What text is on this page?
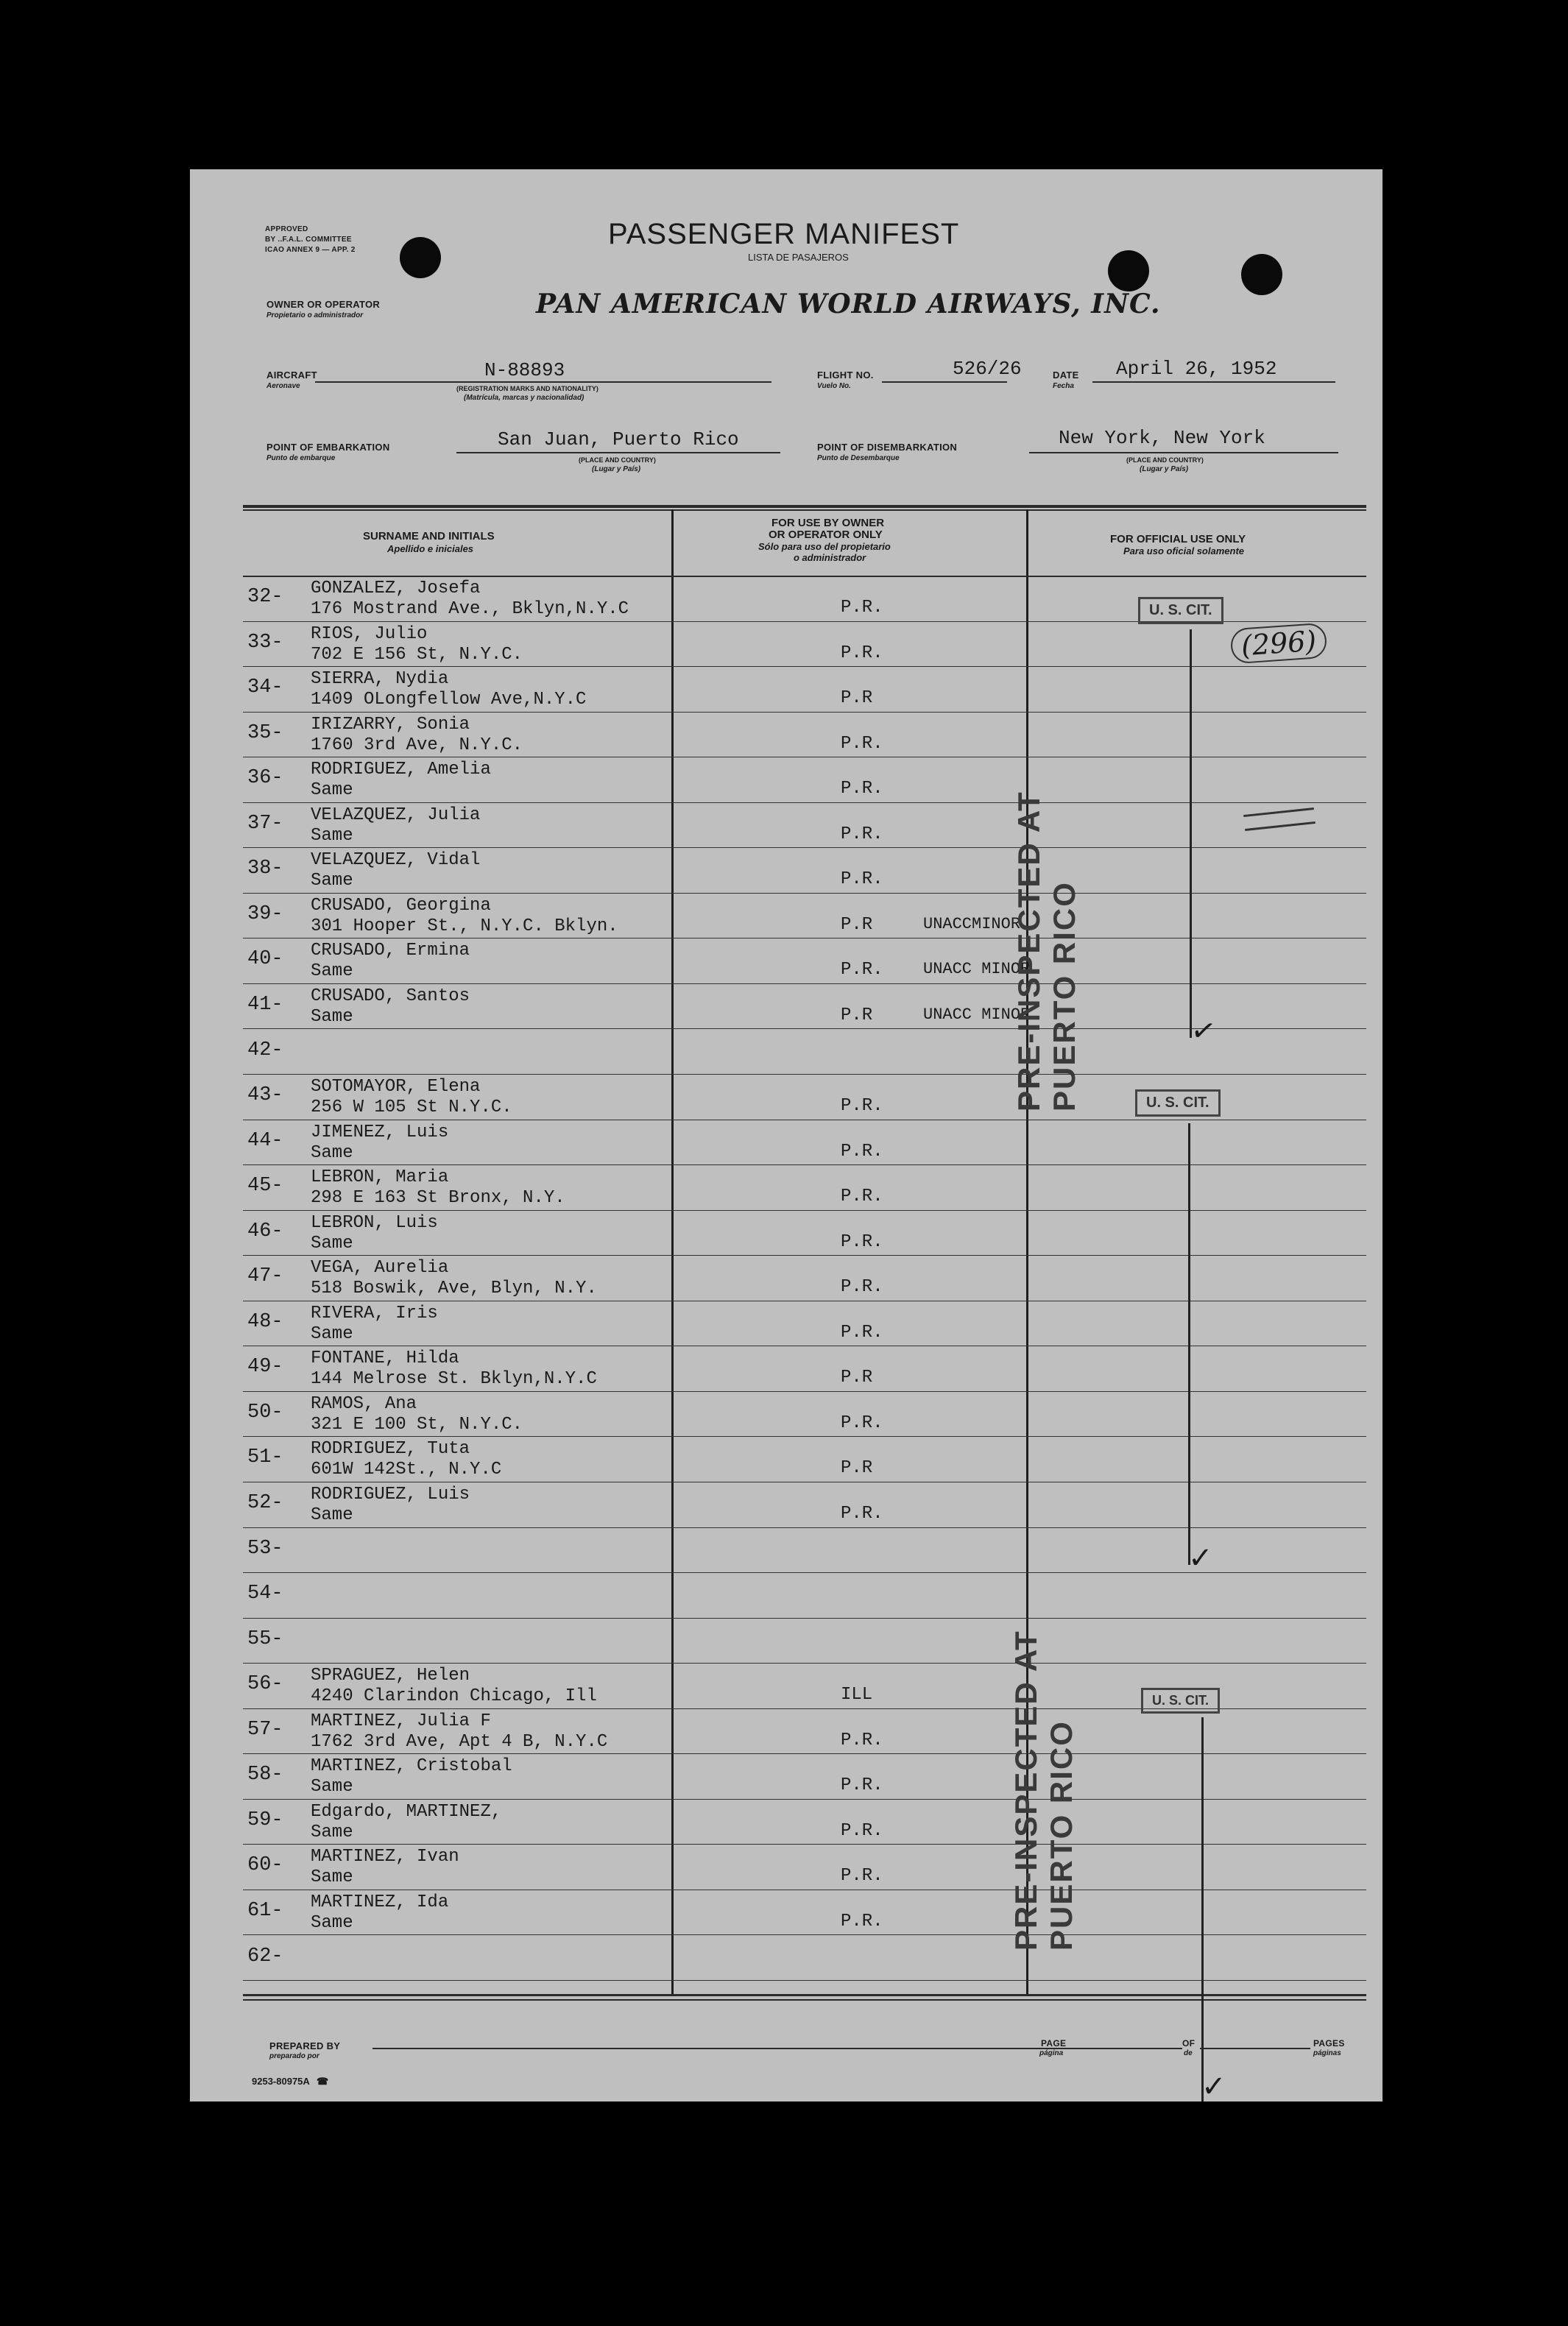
APPROVED
BY ..F.A.L. COMMITTEE
ICAO ANNEX 9 — APP. 2	PASSENGER MANIFEST
LISTA DE PASAJEROS
OWNER OR OPERATOR
Propietario o administrador	PAN AMERICAN WORLD AIRWAYS, INC.
AIRCRAFT
Aeronave
N-88893
(REGISTRATION MARKS AND NATIONALITY)
(Matrícula, marcas y nacionalidad)
FLIGHT NO.
Vuelo No.
526/26	DATE
Fecha
April 26, 1952
POINT OF EMBARKATION
Punto de embarque
San Juan, Puerto Rico
(PLACE AND COUNTRY)
(Lugar y País)
POINT OF DISEMBARKATION
Punto de Desembarque
New York, New York
(PLACE AND COUNTRY)
(Lugar y País)
SURNAME AND INITIALS
Apellido e iniciales
FOR USE BY OWNER
OR OPERATOR ONLY
Sólo para uso del propietario
o administrador
FOR OFFICIAL USE ONLY
Para uso oficial solamente
32- GONZALEZ, Josefa
176 Mostrand Ave., Bklyn,N.Y.C	P.R.
33- RIOS, Julio
702 E 156 St, N.Y.C.	P.R.
34- SIERRA, Nydia
1409 OLongfellow Ave,N.Y.C	P.R
35- IRIZARRY, Sonia
1760 3rd Ave, N.Y.C.	P.R.
36- RODRIGUEZ, Amelia
Same	P.R.
37- VELAZQUEZ, Julia
Same	P.R.
38- VELAZQUEZ, Vidal
Same	P.R.
39- CRUSADO, Georgina
301 Hooper St., N.Y.C. Bklyn.	P.R	UNACCMINOR
40- CRUSADO, Ermina
Same	P.R. UNACC MINOR
41- CRUSADO, Santos
Same	P.R	UNACC MINOR
42-
43- SOTOMAYOR, Elena
256 W 105 St N.Y.C.	P.R.
44- JIMENEZ, Luis
Same	P.R.
45- LEBRON, Maria
298 E 163 St Bronx, N.Y.	P.R.
46- LEBRON, Luis
Same	P.R.
47- VEGA, Aurelia
518 Boswik, Ave, Blyn, N.Y.	P.R.
48- RIVERA, Iris
Same	P.R.
49- FONTANE, Hilda
144 Melrose St. Bklyn,N.Y.C	P.R
50- RAMOS, Ana
321 E 100 St, N.Y.C.	P.R.
51- RODRIGUEZ, Tuta
601W 142St., N.Y.C	P.R
52- RODRIGUEZ, Luis
Same	P.R.
53-
54-
55-
56- SPRAGUEZ, Helen
4240 Clarindon Chicago, Ill	ILL
57- MARTINEZ, Julia F
1762 3rd Ave, Apt 4 B, N.Y.C	P.R.
58- MARTINEZ, Cristobal
Same	P.R.
59- Edgardo, MARTINEZ,
Same	P.R.
60- MARTINEZ, Ivan
Same	P.R.
61- MARTINEZ, Ida
Same	P.R.
62-
U. S. CIT.
U. S. CIT.
U. S. CIT.
✓
✓
✓
(296)
PRE-INSPECTED AT PUERTO RICO
PRE-INSPECTED AT PUERTO RICO
PREPARED BY
preparado por
PAGE
página
OF
de
PAGES
páginas
9253-80975A ☎
